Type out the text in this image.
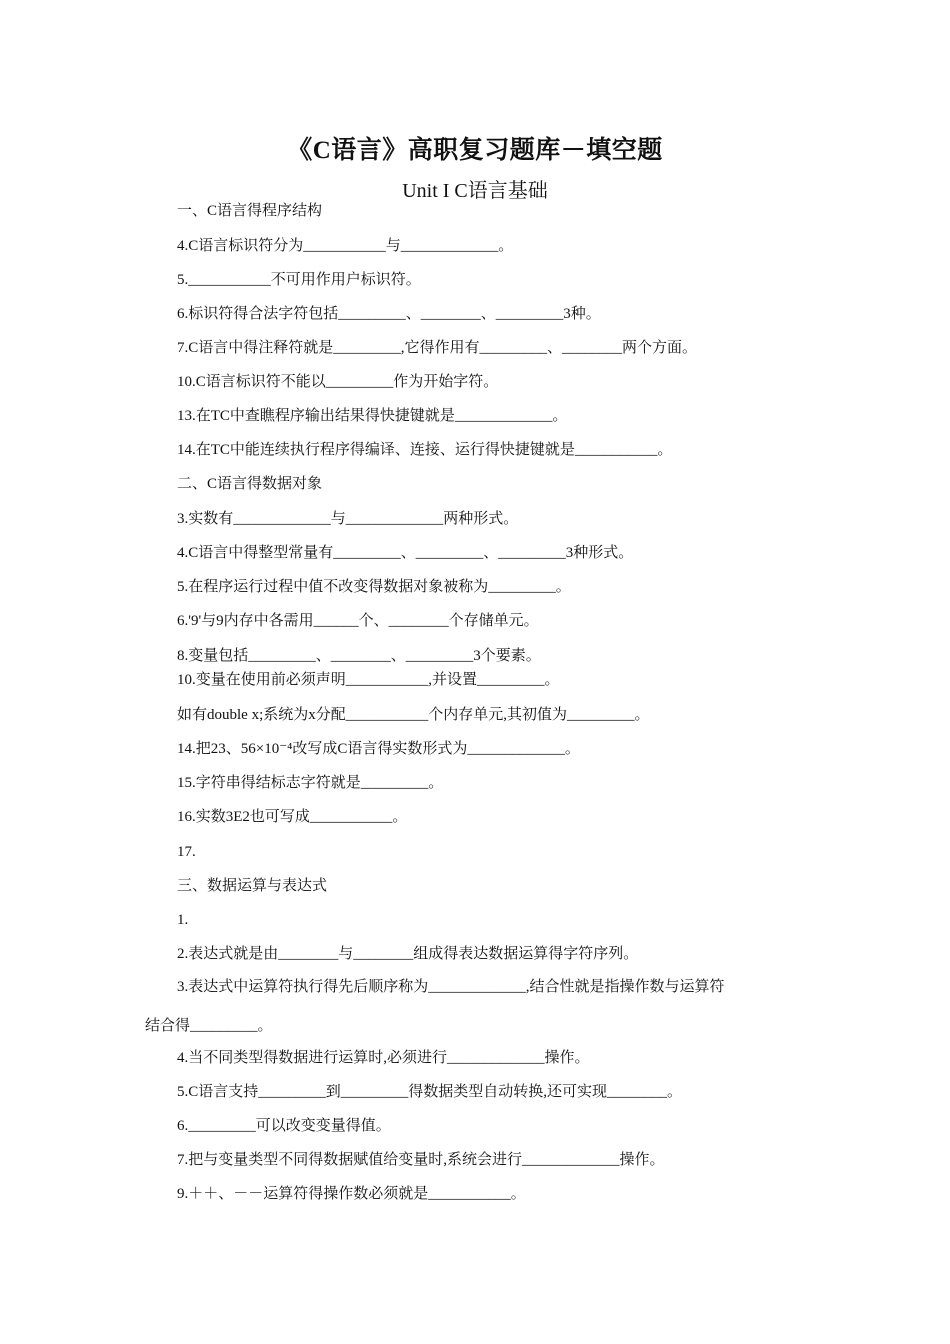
《C语言》高职复习题库－填空题
Unit I C语言基础
一、C语言得程序结构
4.C语言标识符分为___________与_____________。
5.___________不可用作用户标识符。
6.标识符得合法字符包括_________、________、_________3种。
7.C语言中得注释符就是_________,它得作用有_________、________两个方面。
10.C语言标识符不能以_________作为开始字符。
13.在TC中查瞧程序输出结果得快捷键就是_____________。
14.在TC中能连续执行程序得编译、连接、运行得快捷键就是___________。
二、C语言得数据对象
3.实数有_____________与_____________两种形式。
4.C语言中得整型常量有_________、_________、_________3种形式。
5.在程序运行过程中值不改变得数据对象被称为_________。
6.'9'与9内存中各需用______个、________个存储单元。
8.变量包括_________、________、_________3个要素。
10.变量在使用前必须声明___________,并设置_________。
如有double x;系统为x分配___________个内存单元,其初值为_________。
14.把23、56×10⁻⁴改写成C语言得实数形式为_____________。
15.字符串得结标志字符就是_________。
16.实数3E2也可写成___________。
17.
三、数据运算与表达式
1.
2.表达式就是由________与________组成得表达数据运算得字符序列。
3.表达式中运算符执行得先后顺序称为_____________,结合性就是指操作数与运算符
结合得_________。
4.当不同类型得数据进行运算时,必须进行_____________操作。
5.C语言支持_________到_________得数据类型自动转换,还可实现________。
6._________可以改变变量得值。
7.把与变量类型不同得数据赋值给变量时,系统会进行_____________操作。
9.＋＋、－－运算符得操作数必须就是___________。
